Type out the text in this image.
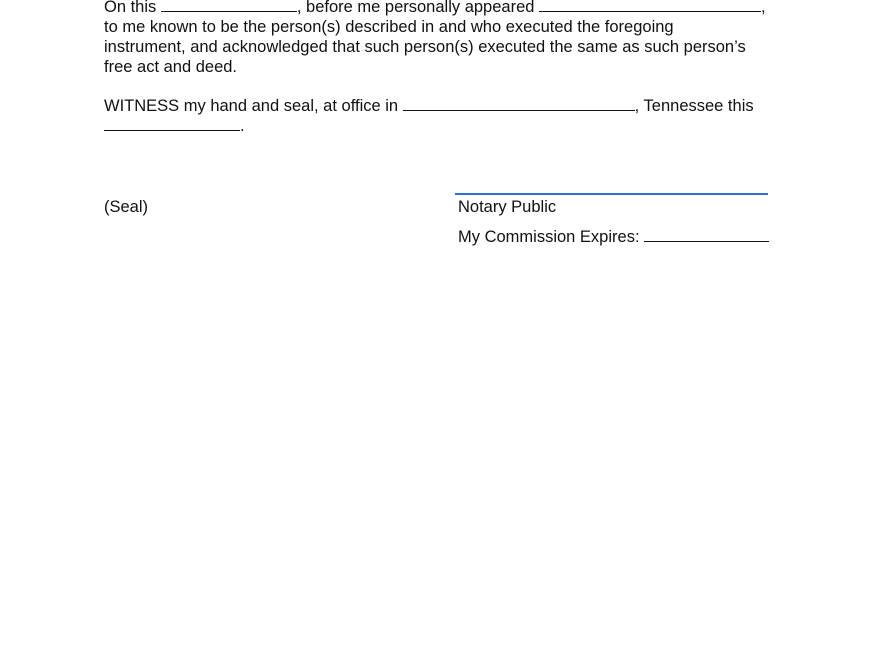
On this	, before me personally appeared	,
to me known to be the person(s) described in and who executed the foregoing
instrument, and acknowledged that such person(s) executed the same as such person’s
free act and deed.
WITNESS my hand and seal, at office in	, Tennessee this
.
(Seal)	Notary Public
My Commission Expires:
